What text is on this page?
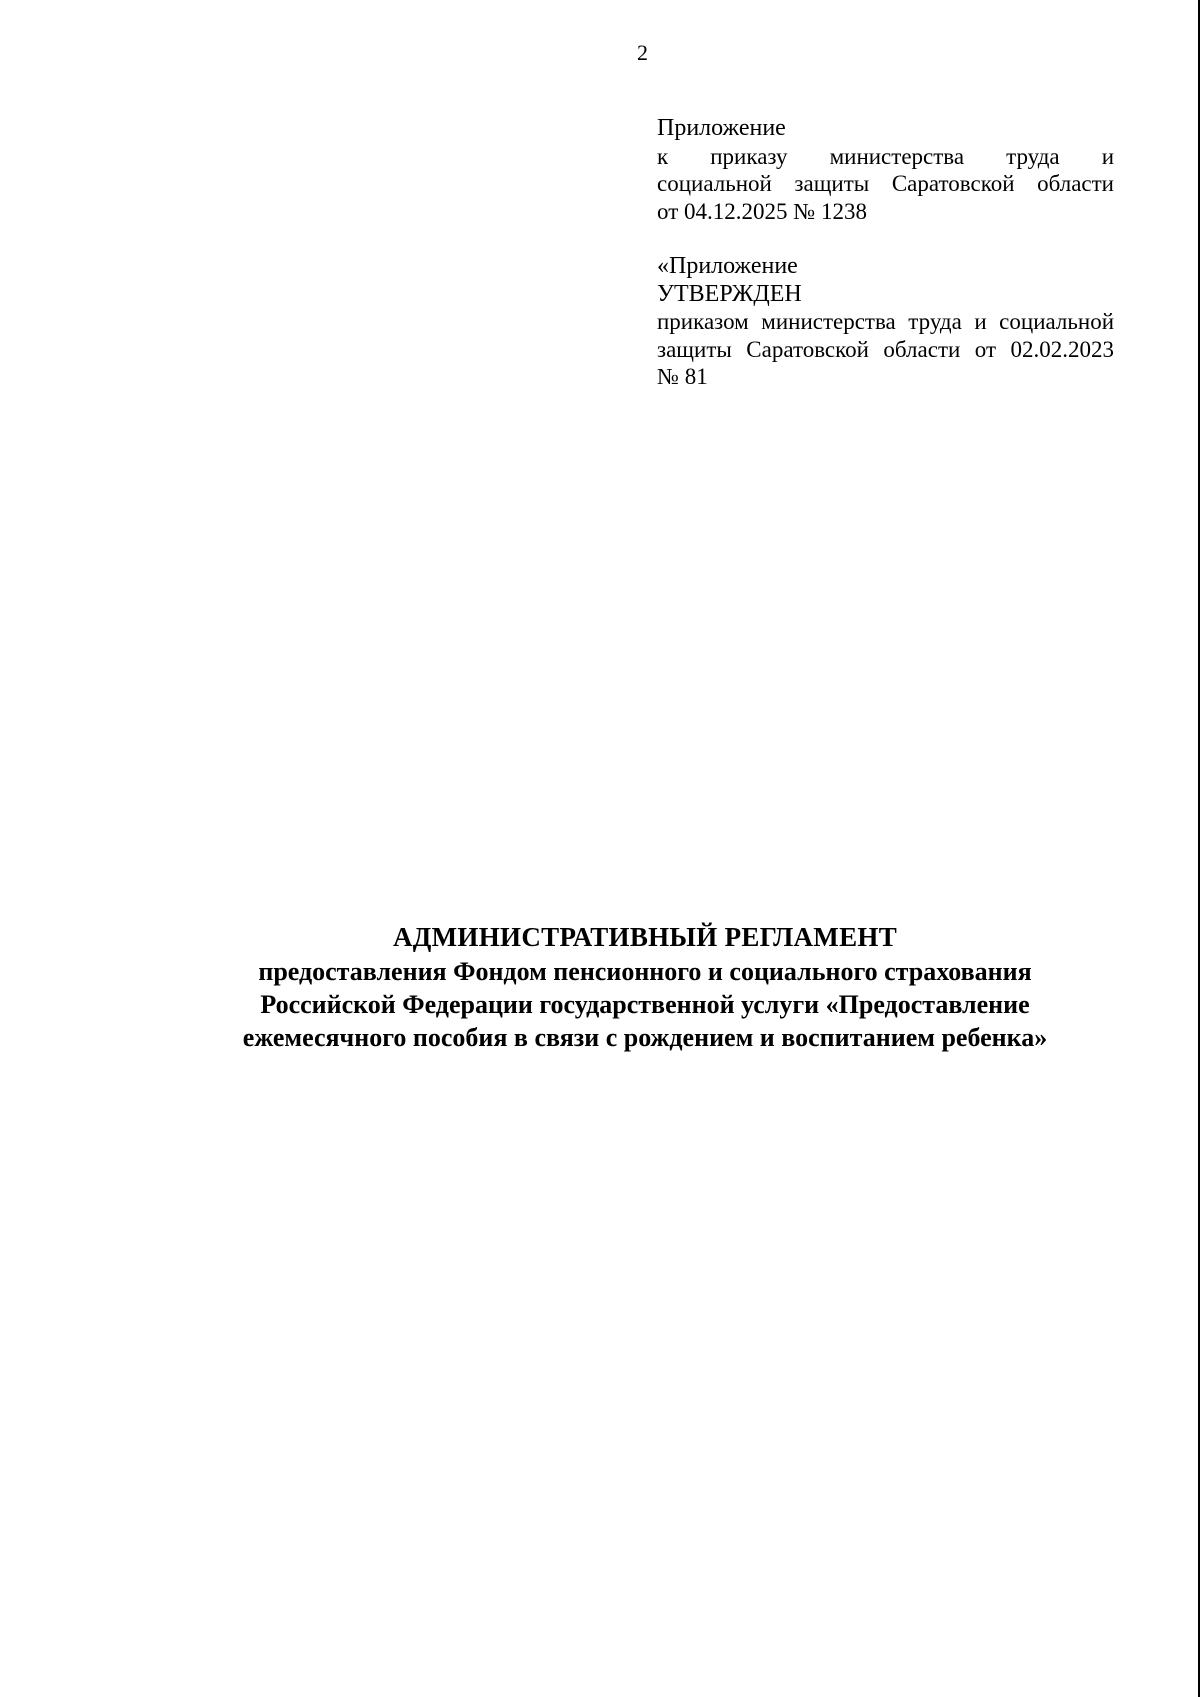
2
Приложение
к приказу министерства труда и
социальной защиты Саратовской области
от 04.12.2025 № 1238
«Приложение
УТВЕРЖДЕН
приказом министерства труда и социальной
защиты Саратовской области от 02.02.2023
№ 81
АДМИНИСТРАТИВНЫЙ РЕГЛАМЕНТ
предоставления Фондом пенсионного и социального страхования
Российской Федерации государственной услуги «Предоставление
ежемесячного пособия в связи с рождением и воспитанием ребенка»
